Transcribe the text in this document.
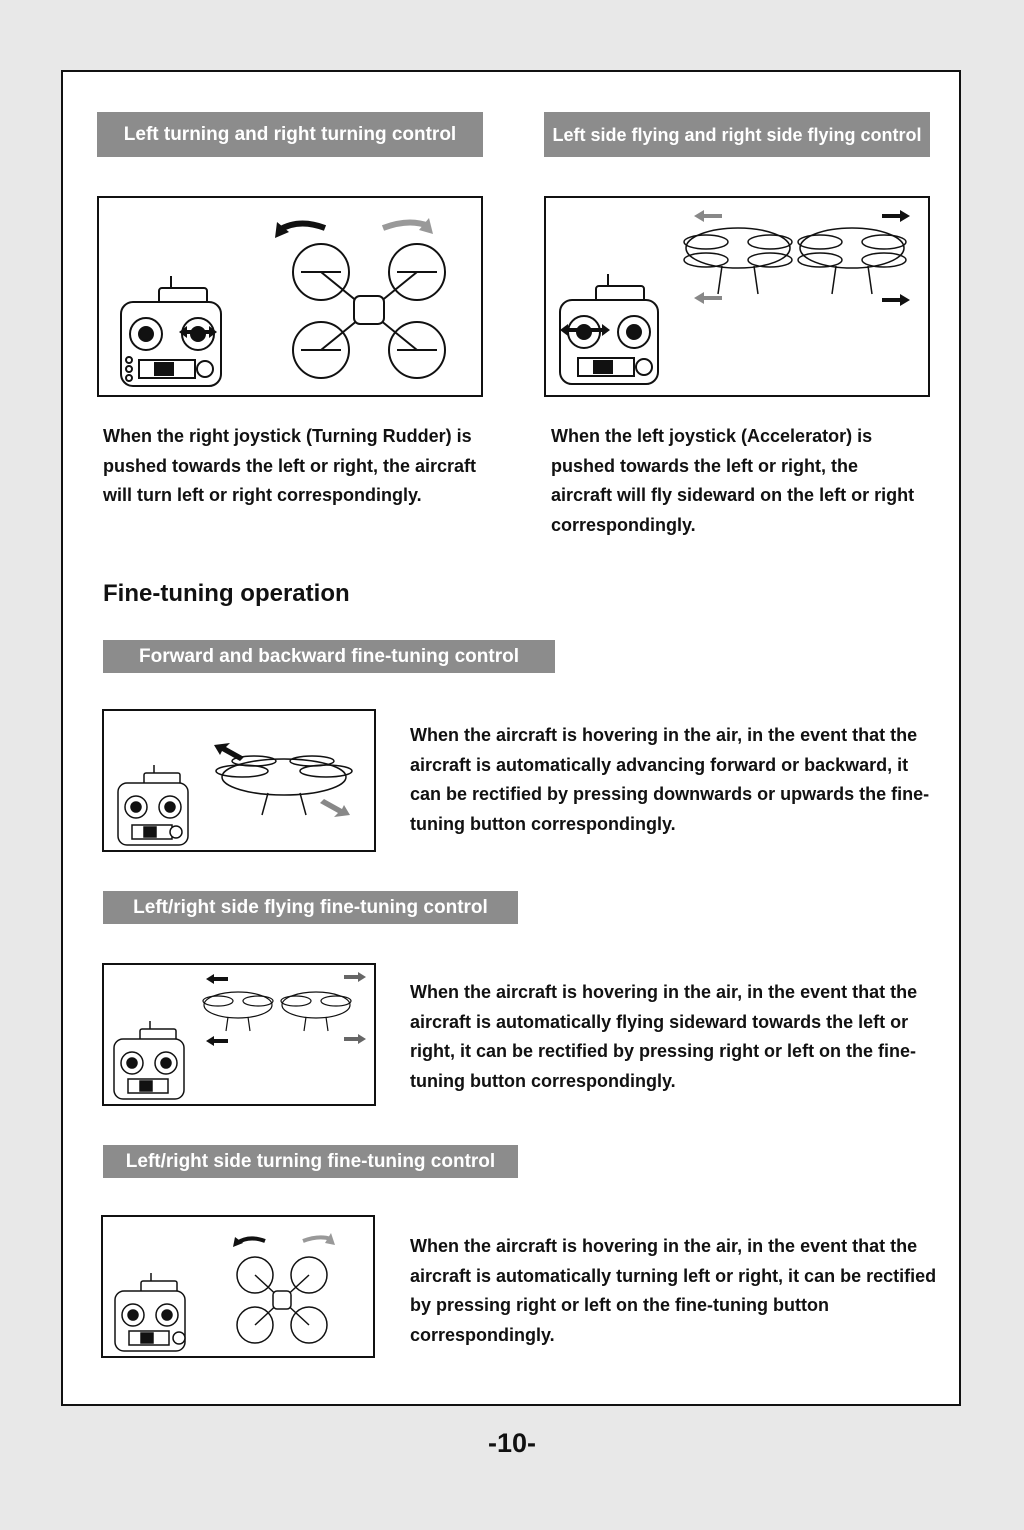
Left turning and right turning control	Left side flying and right side flying control

When the right joystick (Turning Rudder) is pushed towards the left or right, the aircraft will turn left or right correspondingly.

When the left joystick (Accelerator) is pushed towards the left or right, the aircraft will fly sideward on the left or right correspondingly.

Fine-tuning operation
Forward and backward fine-tuning control

When the aircraft is hovering in the air, in the event that the aircraft is automatically advancing forward or backward, it can be rectified by pressing downwards or upwards the fine-tuning button correspondingly.

Left/right side flying fine-tuning control

When the aircraft is hovering in the air, in the event that the aircraft is automatically flying sideward towards the left or right, it can be rectified by pressing right or left on the fine-tuning button correspondingly.

Left/right side turning fine-tuning control

When the aircraft is hovering in the air, in the event that the aircraft is automatically turning left or right, it can be rectified by pressing right or left on the fine-tuning button correspondingly.

-10-
